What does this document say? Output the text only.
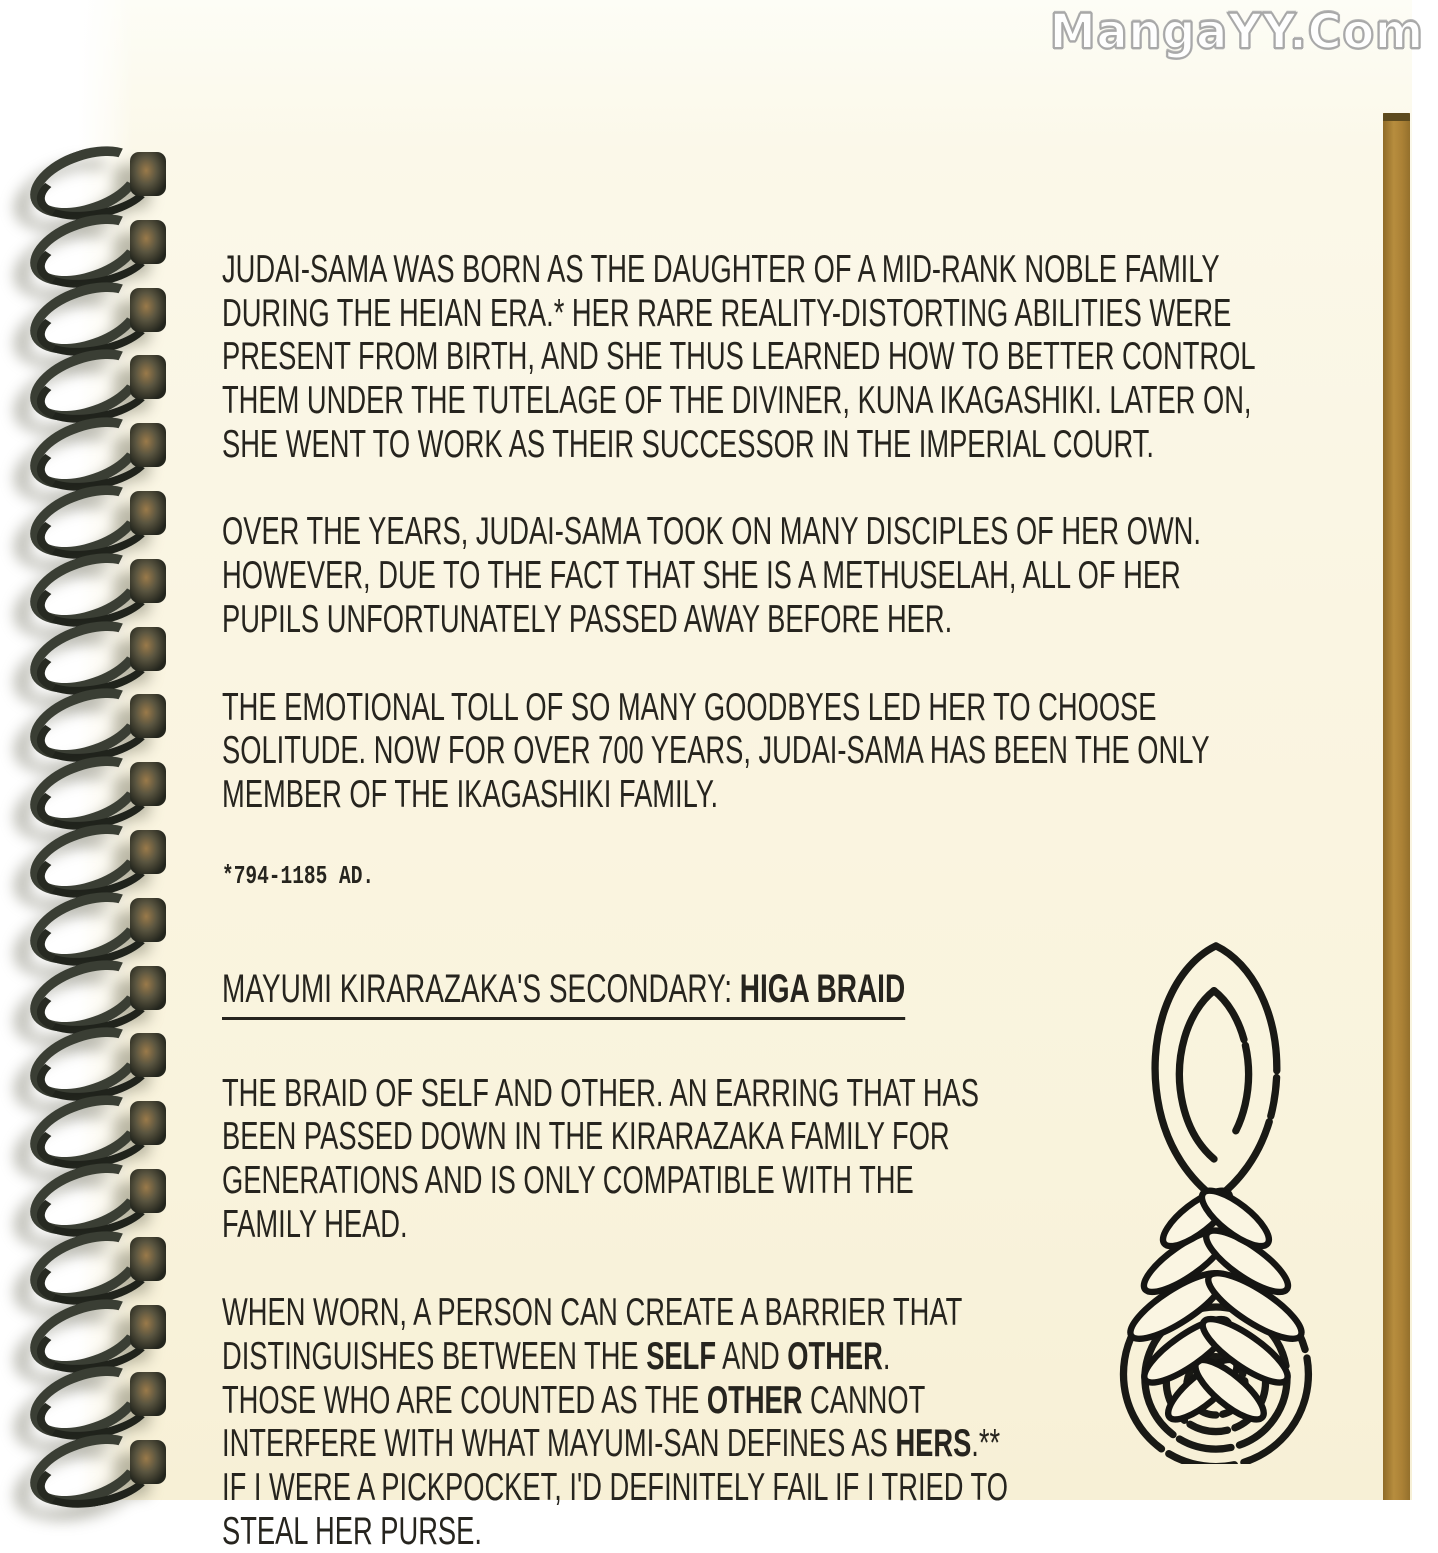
MangaYY.Com
JUDAI-SAMA WAS BORN AS THE DAUGHTER OF A MID-RANK NOBLE FAMILY
DURING THE HEIAN ERA.* HER RARE REALITY-DISTORTING ABILITIES WERE
PRESENT FROM BIRTH, AND SHE THUS LEARNED HOW TO BETTER CONTROL
THEM UNDER THE TUTELAGE OF THE DIVINER, KUNA IKAGASHIKI. LATER ON,
SHE WENT TO WORK AS THEIR SUCCESSOR IN THE IMPERIAL COURT.
OVER THE YEARS, JUDAI-SAMA TOOK ON MANY DISCIPLES OF HER OWN.
HOWEVER, DUE TO THE FACT THAT SHE IS A METHUSELAH, ALL OF HER
PUPILS UNFORTUNATELY PASSED AWAY BEFORE HER.
THE EMOTIONAL TOLL OF SO MANY GOODBYES LED HER TO CHOOSE
SOLITUDE. NOW FOR OVER 700 YEARS, JUDAI-SAMA HAS BEEN THE ONLY
MEMBER OF THE IKAGASHIKI FAMILY.
*794-1185 AD.
MAYUMI KIRARAZAKA'S SECONDARY: HIGA BRAID
THE BRAID OF SELF AND OTHER. AN EARRING THAT HAS
BEEN PASSED DOWN IN THE KIRARAZAKA FAMILY FOR
GENERATIONS AND IS ONLY COMPATIBLE WITH THE
FAMILY HEAD.
WHEN WORN, A PERSON CAN CREATE A BARRIER THAT
DISTINGUISHES BETWEEN THE SELF AND OTHER.
THOSE WHO ARE COUNTED AS THE OTHER CANNOT
INTERFERE WITH WHAT MAYUMI-SAN DEFINES AS HERS.**
IF I WERE A PICKPOCKET, I'D DEFINITELY FAIL IF I TRIED TO
STEAL HER PURSE.
